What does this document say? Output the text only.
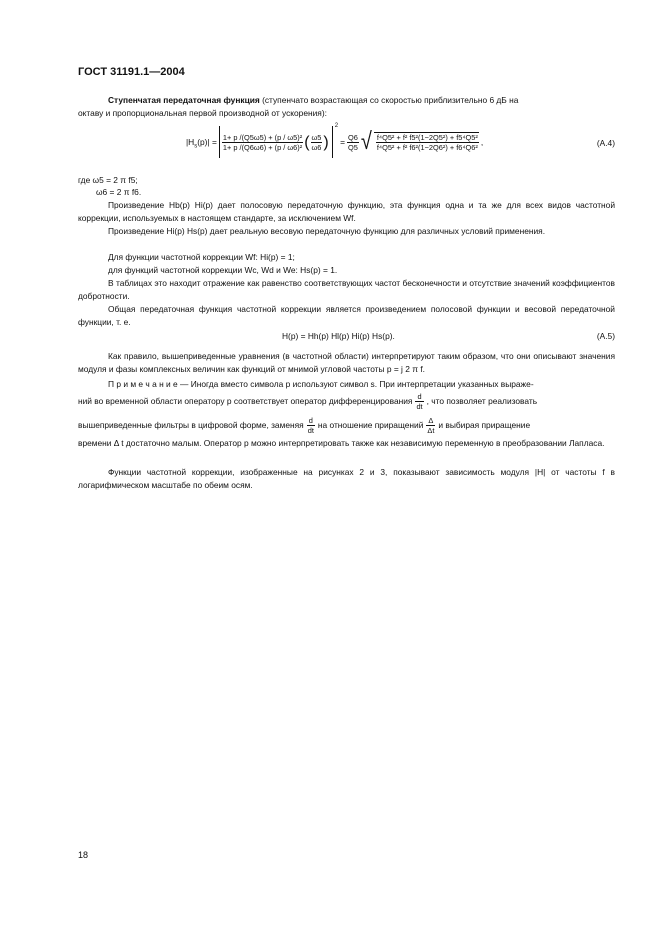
ГОСТ 31191.1—2004
Ступенчатая передаточная функция (ступенчато возрастающая со скоростью приблизительно 6 дБ на
октаву и пропорциональная первой производной от ускорения):
$|H_s(p)| = \frac{\text{1+ p /(Q5ω5) + (p / ω5)²}}{\text{1+ p /(Q6ω6) + (p / ω6)²}}$ ( $\frac{\omega 5}{\omega 6}$ )
2
= $\frac{Q6}{Q5}$ √ $\frac{\text{f⁴Q5² + f² f5²(1−2Q5²) + f5⁴Q5²}}{\text{f⁴Q5² + f² f6²(1−2Q6²) + f6⁴Q6²}}$ ,	(A.4)
где ω5 = 2 π f5;
ω6 = 2 π f6.
Произведение Hb(p) Hi(p) дает полосовую передаточную функцию, эта функция одна и та же для всех видов частотной коррекции, используемых в настоящем стандарте, за исключением Wf.
Произведение Hi(p) Hs(p) дает реальную весовую передаточную функцию для различных условий применения.
Для функции частотной коррекции Wf: Hi(p) = 1;
для функций частотной коррекции Wc, Wd и We: Hs(p) = 1.
В таблицах это находит отражение как равенство соответствующих частот бесконечности и отсутствие значений коэффициентов добротности.
Общая передаточная функция частотной коррекции является произведением полосовой функции и весовой передаточной функции, т. е.
H(p) = Hh(p) Hl(p) Hi(p) Hs(p).	(A.5)
Как правило, вышеприведенные уравнения (в частотной области) интерпретируют таким образом, что они описывают значения модуля и фазы комплексных величин как функций от мнимой угловой частоты p = j 2 π f.
П р и м е ч а н и е — Иногда вместо символа p используют символ s. При интерпретации указанных выраже-
ний во временной области оператору p соответствует оператор дифференцирования $\frac{d}{dt}$ , что позволяет реализовать
вышеприведенные фильтры в цифровой форме, заменяя $\frac{d}{dt}$ на отношение приращений $\frac{\Delta}{\Delta t}$ и выбирая приращение
времени Δ t достаточно малым. Оператор p можно интерпретировать также как независимую переменную в преобразовании Лапласа.
Функции частотной коррекции, изображенные на рисунках 2 и 3, показывают зависимость модуля |H| от частоты f в логарифмическом масштабе по обеим осям.
18
